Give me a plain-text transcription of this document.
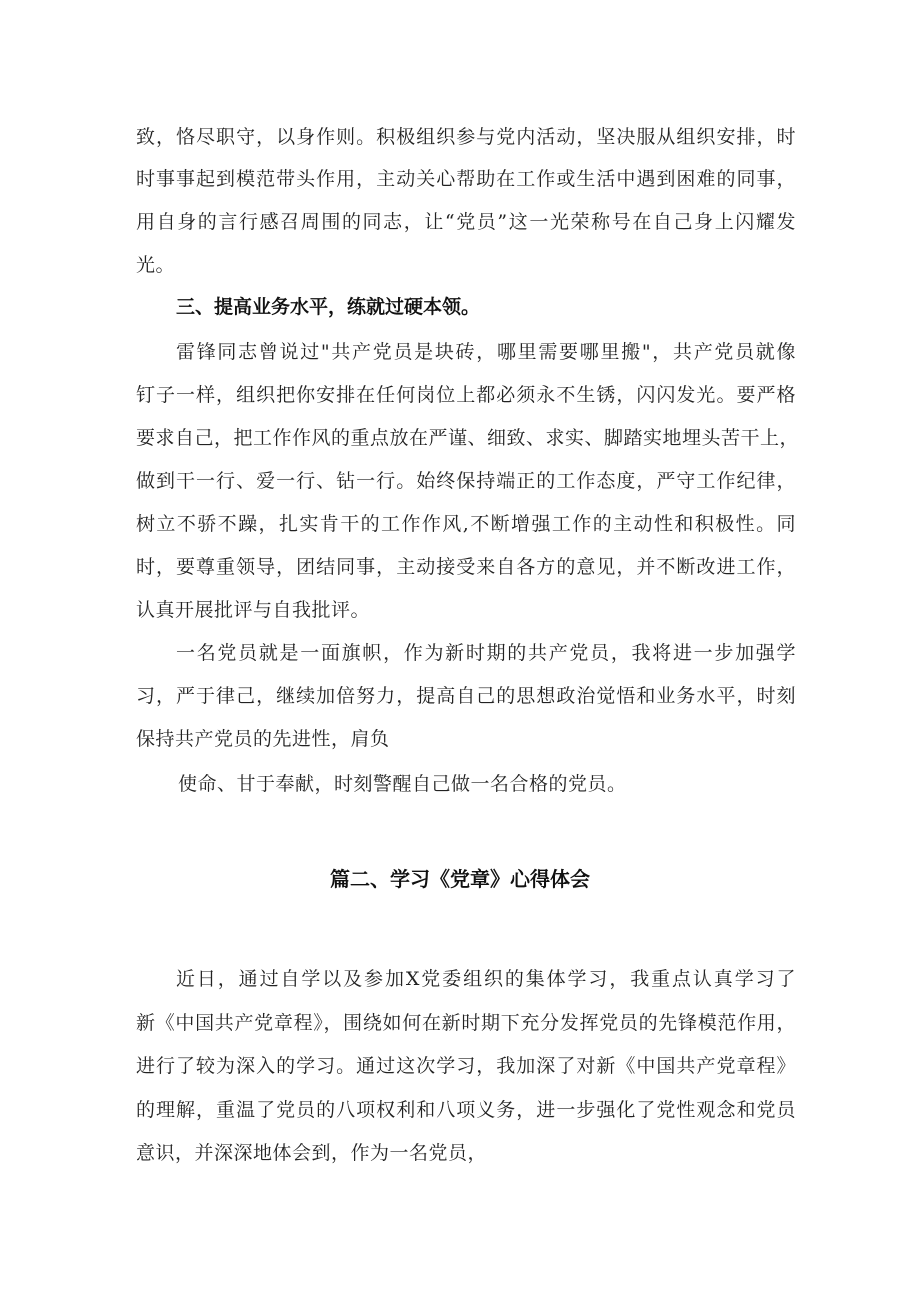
致，恪尽职守，以身作则。积极组织参与党内活动，坚决服从组织安排，时
时事事起到模范带头作用，主动关心帮助在工作或生活中遇到困难的同事，
用自身的言行感召周围的同志，让“党员”这一光荣称号在自己身上闪耀发
光。
三、提高业务水平，练就过硬本领。
雷锋同志曾说过"共产党员是块砖，哪里需要哪里搬"，共产党员就像
钉子一样，组织把你安排在任何岗位上都必须永不生锈，闪闪发光。要严格
要求自己，把工作作风的重点放在严谨、细致、求实、脚踏实地埋头苦干上，
做到干一行、爱一行、钻一行。始终保持端正的工作态度，严守工作纪律，
树立不骄不躁，扎实肯干的工作作风,不断增强工作的主动性和积极性。同
时，要尊重领导，团结同事，主动接受来自各方的意见，并不断改进工作，
认真开展批评与自我批评。
一名党员就是一面旗帜，作为新时期的共产党员，我将进一步加强学
习，严于律己，继续加倍努力，提高自己的思想政治觉悟和业务水平，时刻
保持共产党员的先进性，肩负
使命、甘于奉献，时刻警醒自己做一名合格的党员。
篇二、学习《党章》心得体会
近日，通过自学以及参加X党委组织的集体学习，我重点认真学习了
新《中国共产党章程》，围绕如何在新时期下充分发挥党员的先锋模范作用，
进行了较为深入的学习。通过这次学习，我加深了对新《中国共产党章程》
的理解，重温了党员的八项权利和八项义务，进一步强化了党性观念和党员
意识，并深深地体会到，作为一名党员，
